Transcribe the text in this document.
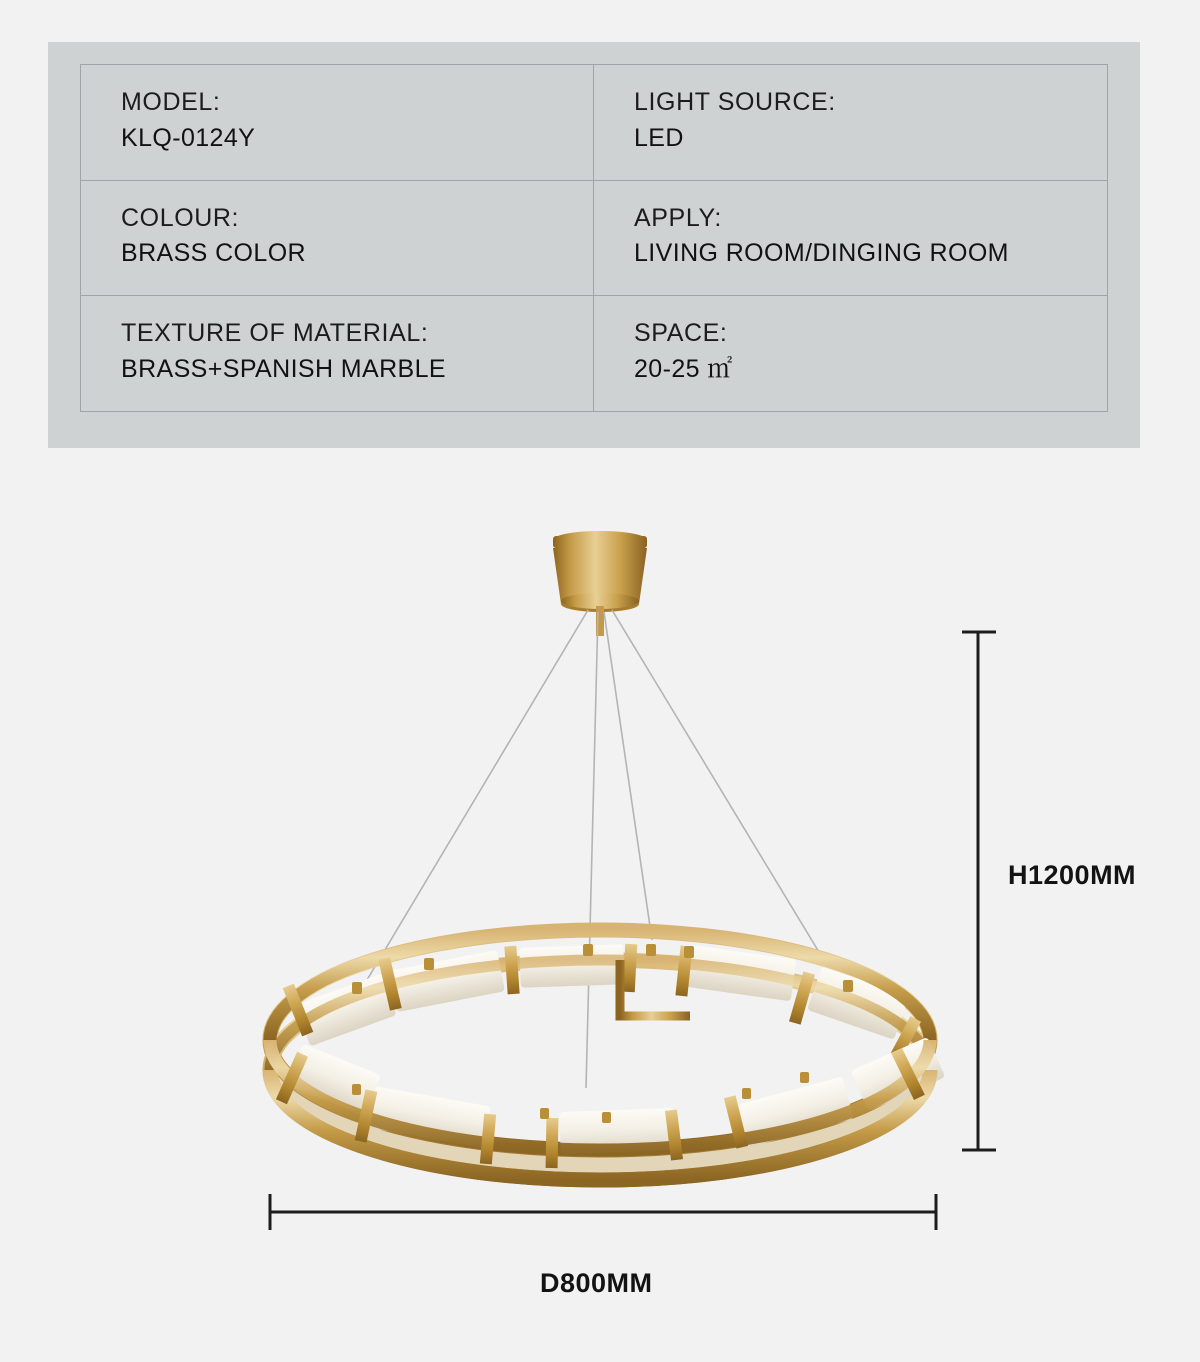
MODEL:
KLQ-0124Y
LIGHT SOURCE:
LED
COLOUR:
BRASS COLOR
APPLY:
LIVING ROOM/DINGING ROOM
TEXTURE OF MATERIAL:
BRASS+SPANISH MARBLE
SPACE:
20-25 ㎡
H1200MM
D800MM
